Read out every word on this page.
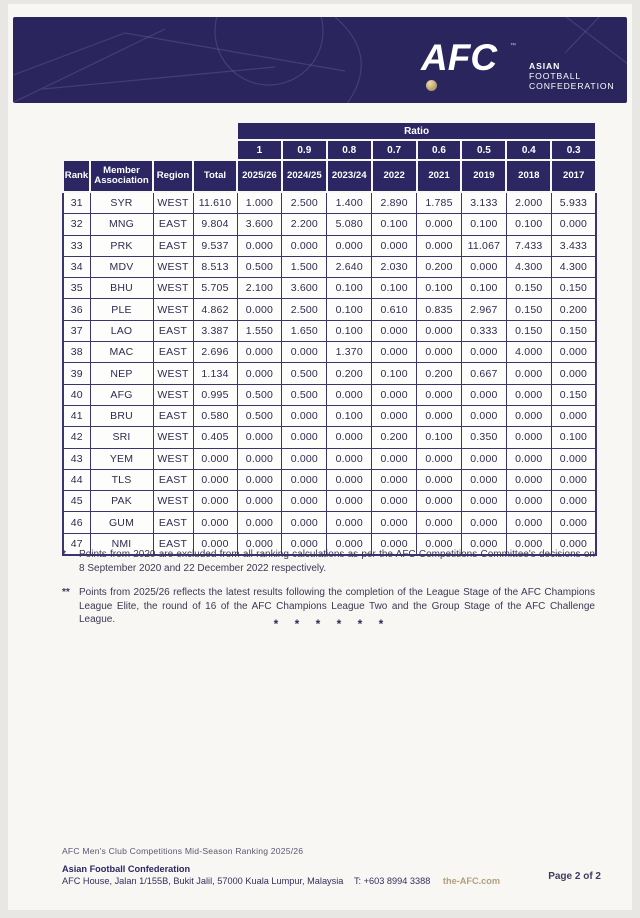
AFC ™
ASIAN
FOOTBALL
CONFEDERATION
				Ratio							
				1	0.9	0.8	0.7	0.6	0.5	0.4	0.3
Rank	Member Association	Region	Total	2025/26	2024/25	2023/24	2022	2021	2019	2018	2017
31	SYR	WEST	11.610	1.000	2.500	1.400	2.890	1.785	3.133	2.000	5.933
32	MNG	EAST	9.804	3.600	2.200	5.080	0.100	0.000	0.100	0.100	0.000
33	PRK	EAST	9.537	0.000	0.000	0.000	0.000	0.000	11.067	7.433	3.433
34	MDV	WEST	8.513	0.500	1.500	2.640	2.030	0.200	0.000	4.300	4.300
35	BHU	WEST	5.705	2.100	3.600	0.100	0.100	0.100	0.100	0.150	0.150
36	PLE	WEST	4.862	0.000	2.500	0.100	0.610	0.835	2.967	0.150	0.200
37	LAO	EAST	3.387	1.550	1.650	0.100	0.000	0.000	0.333	0.150	0.150
38	MAC	EAST	2.696	0.000	0.000	1.370	0.000	0.000	0.000	4.000	0.000
39	NEP	WEST	1.134	0.000	0.500	0.200	0.100	0.200	0.667	0.000	0.000
40	AFG	WEST	0.995	0.500	0.500	0.000	0.000	0.000	0.000	0.000	0.150
41	BRU	EAST	0.580	0.500	0.000	0.100	0.000	0.000	0.000	0.000	0.000
42	SRI	WEST	0.405	0.000	0.000	0.000	0.200	0.100	0.350	0.000	0.100
43	YEM	WEST	0.000	0.000	0.000	0.000	0.000	0.000	0.000	0.000	0.000
44	TLS	EAST	0.000	0.000	0.000	0.000	0.000	0.000	0.000	0.000	0.000
45	PAK	WEST	0.000	0.000	0.000	0.000	0.000	0.000	0.000	0.000	0.000
46	GUM	EAST	0.000	0.000	0.000	0.000	0.000	0.000	0.000	0.000	0.000
47	NMI	EAST	0.000	0.000	0.000	0.000	0.000	0.000	0.000	0.000	0.000
*	Points from 2020 are excluded from all ranking calculations as per the AFC Competitions Committee's decisions on 8 September 2020 and 22 December 2022 respectively.
** Points from 2025/26 reflects the latest results following the completion of the League Stage of the AFC Champions League Elite, the round of 16 of the AFC Champions League Two and the Group Stage of the AFC Challenge League.	* * * * * *
AFC Men's Club Competitions Mid-Season Ranking 2025/26
Asian Football Confederation
AFC House, Jalan 1/155B, Bukit Jalil, 57000 Kuala Lumpur, Malaysia T: +603 8994 3388 the-AFC.com	Page 2 of 2
